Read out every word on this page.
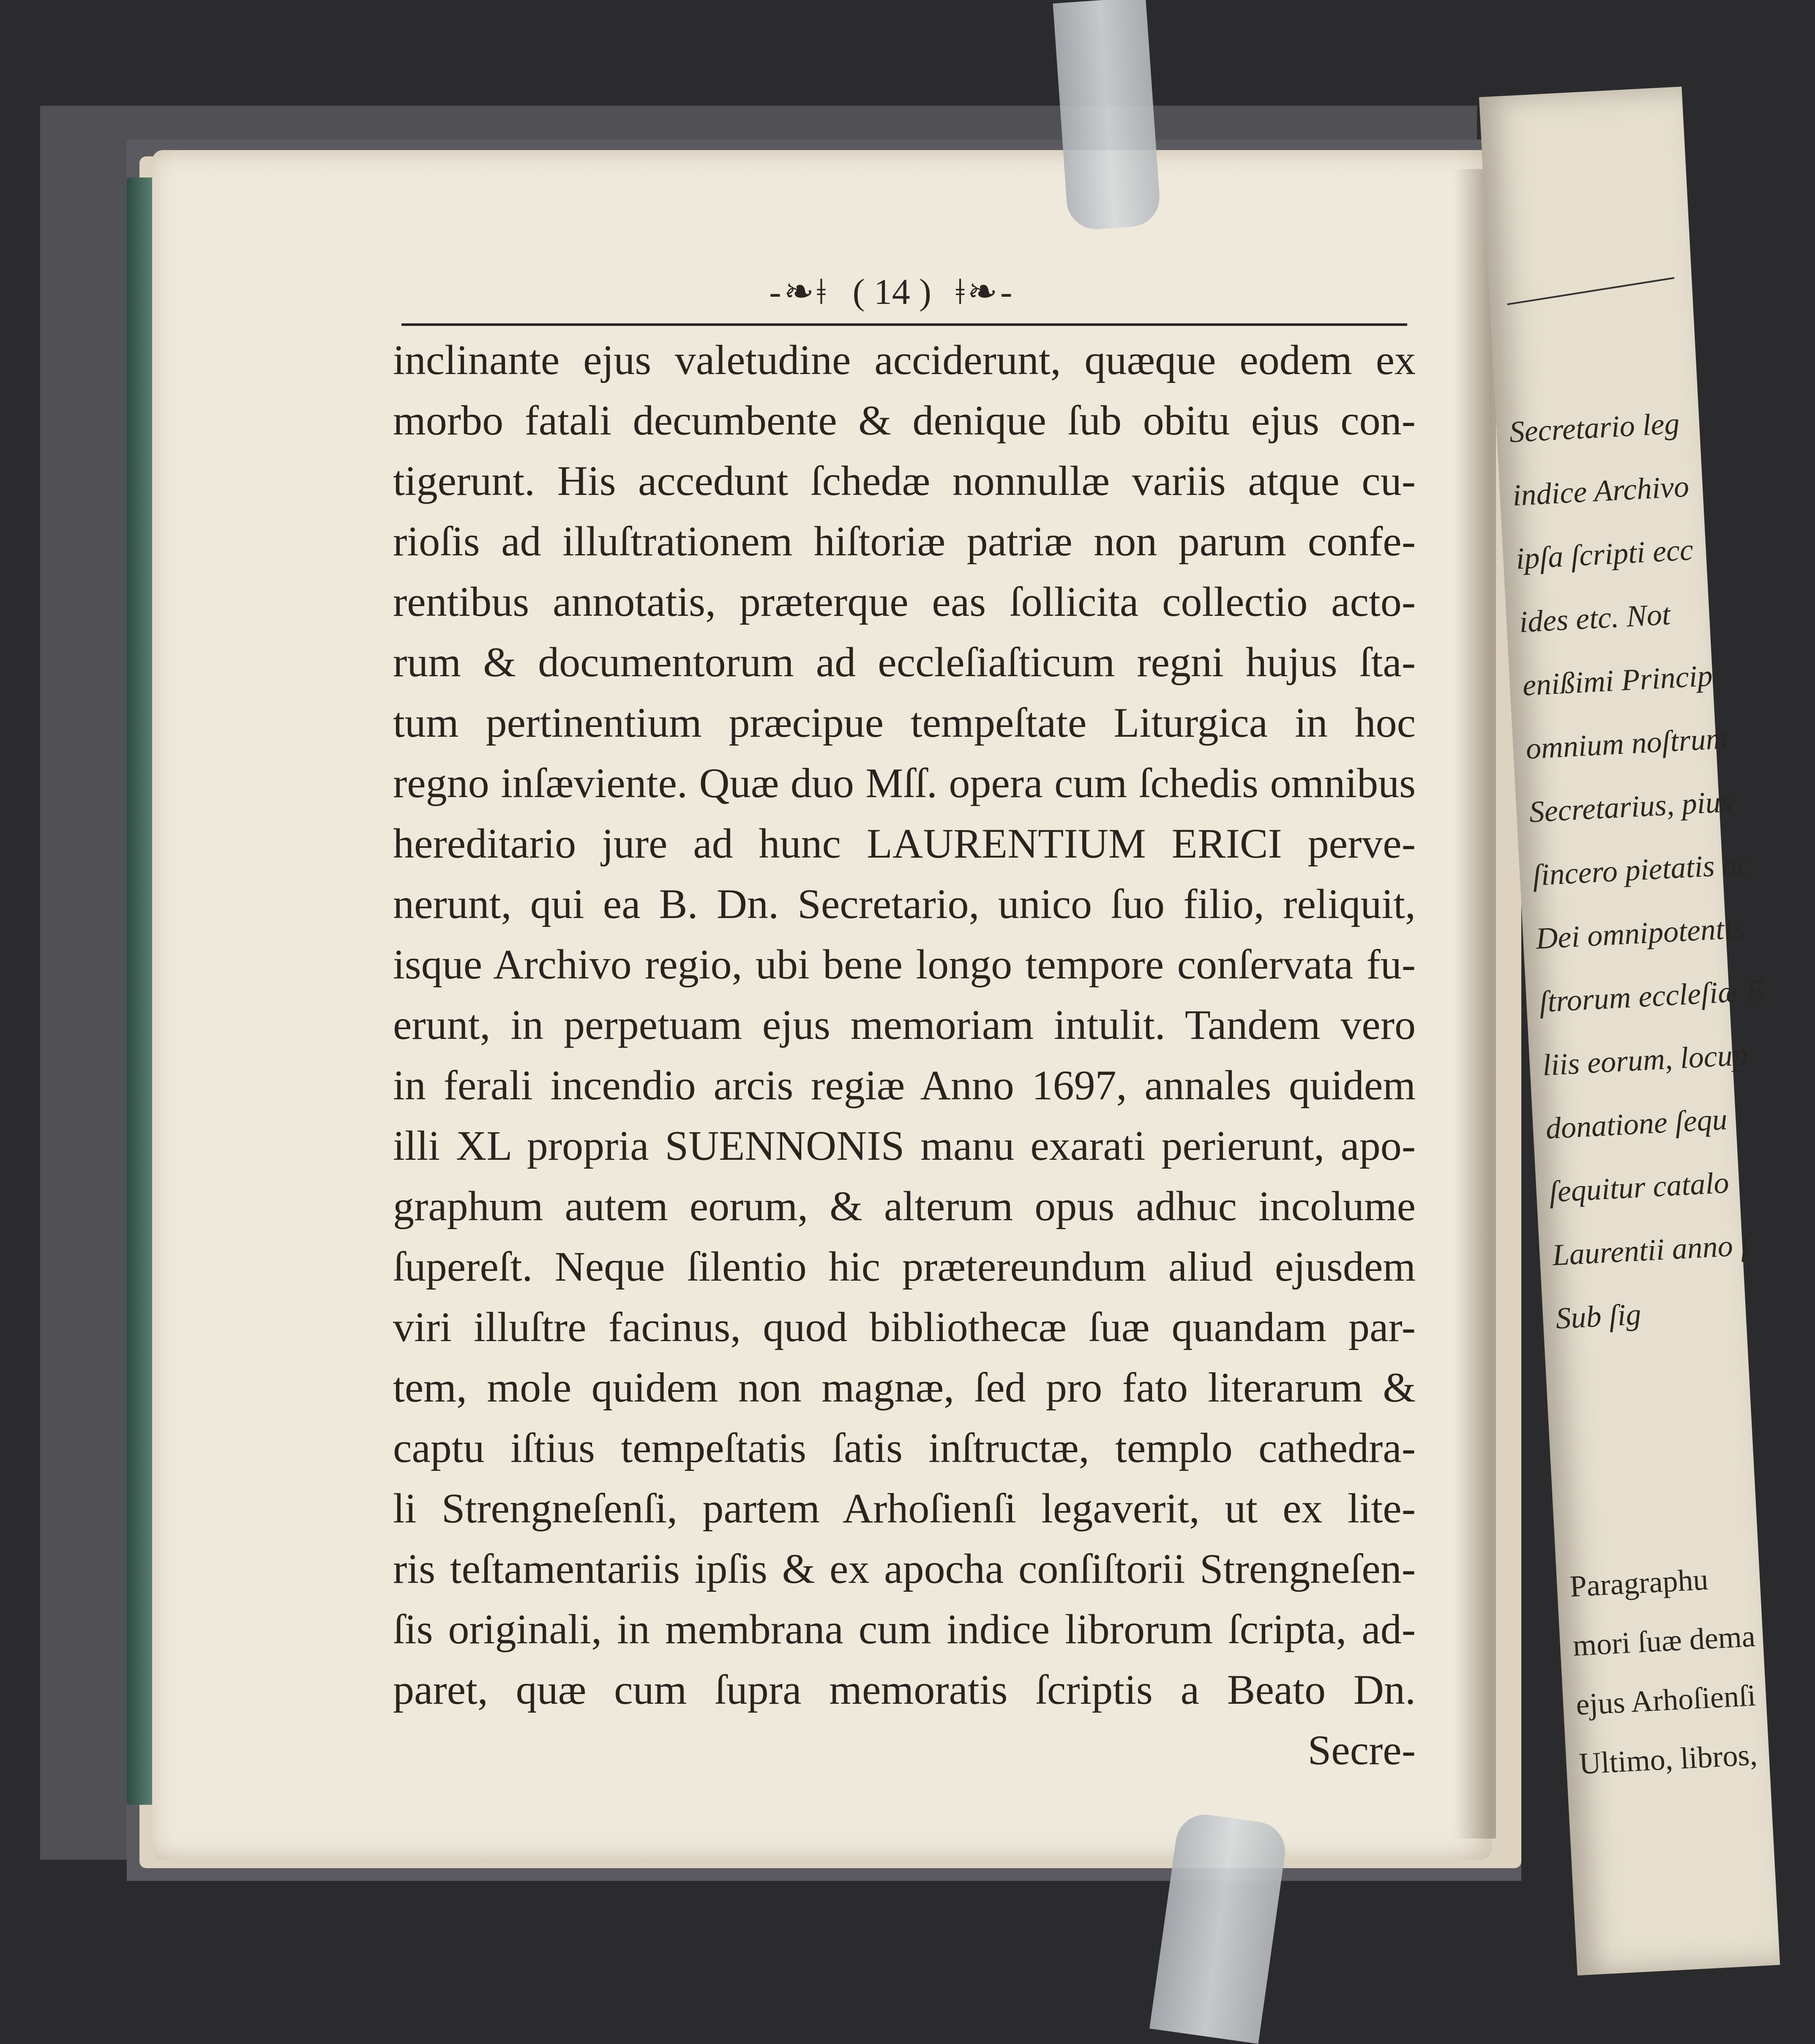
Secretario leg
indice Archivo
ipſa ſcripti ecc
ides etc. Not
enißimi Princip
omnium noſtrum
Secretarius, pius
ſincero pietatis ac
Dei omnipotentis
ſtrorum eccleſiæ E
liis eorum, locup
donatione ſequ
ſequitur catalo
Laurentii anno ſ
Sub ſig
Paragraphu
mori ſuæ dema
ejus Arhoſienſi
Ultimo, libros,
-❧ǂ ( 14 ) ǂ❧-
inclinante ejus valetudine acciderunt, quæque eodem ex
morbo fatali decumbente & denique ſub obitu ejus con-
tigerunt. His accedunt ſchedæ nonnullæ variis atque cu-
rioſis ad illuſtrationem hiſtoriæ patriæ non parum confe-
rentibus annotatis, præterque eas ſollicita collectio acto-
rum & documentorum ad eccleſiaſticum regni hujus ſta-
tum pertinentium præcipue tempeſtate Liturgica in hoc
regno inſæviente. Quæ duo Mſſ. opera cum ſchedis omnibus
hereditario jure ad hunc LAURENTIUM ERICI perve-
nerunt, qui ea B. Dn. Secretario, unico ſuo filio, reliquit,
isque Archivo regio, ubi bene longo tempore conſervata fu-
erunt, in perpetuam ejus memoriam intulit. Tandem vero
in ferali incendio arcis regiæ Anno 1697, annales quidem
illi XL propria SUENNONIS manu exarati perierunt, apo-
graphum autem eorum, & alterum opus adhuc incolume
ſupereſt. Neque ſilentio hic prætereundum aliud ejusdem
viri illuſtre facinus, quod bibliothecæ ſuæ quandam par-
tem, mole quidem non magnæ, ſed pro fato literarum &
captu iſtius tempeſtatis ſatis inſtructæ, templo cathedra-
li Strengneſenſi, partem Arhoſienſi legaverit, ut ex lite-
ris teſtamentariis ipſis & ex apocha conſiſtorii Strengneſen-
ſis originali, in membrana cum indice librorum ſcripta, ad-
paret, quæ cum ſupra memoratis ſcriptis a Beato Dn.
Secre-
